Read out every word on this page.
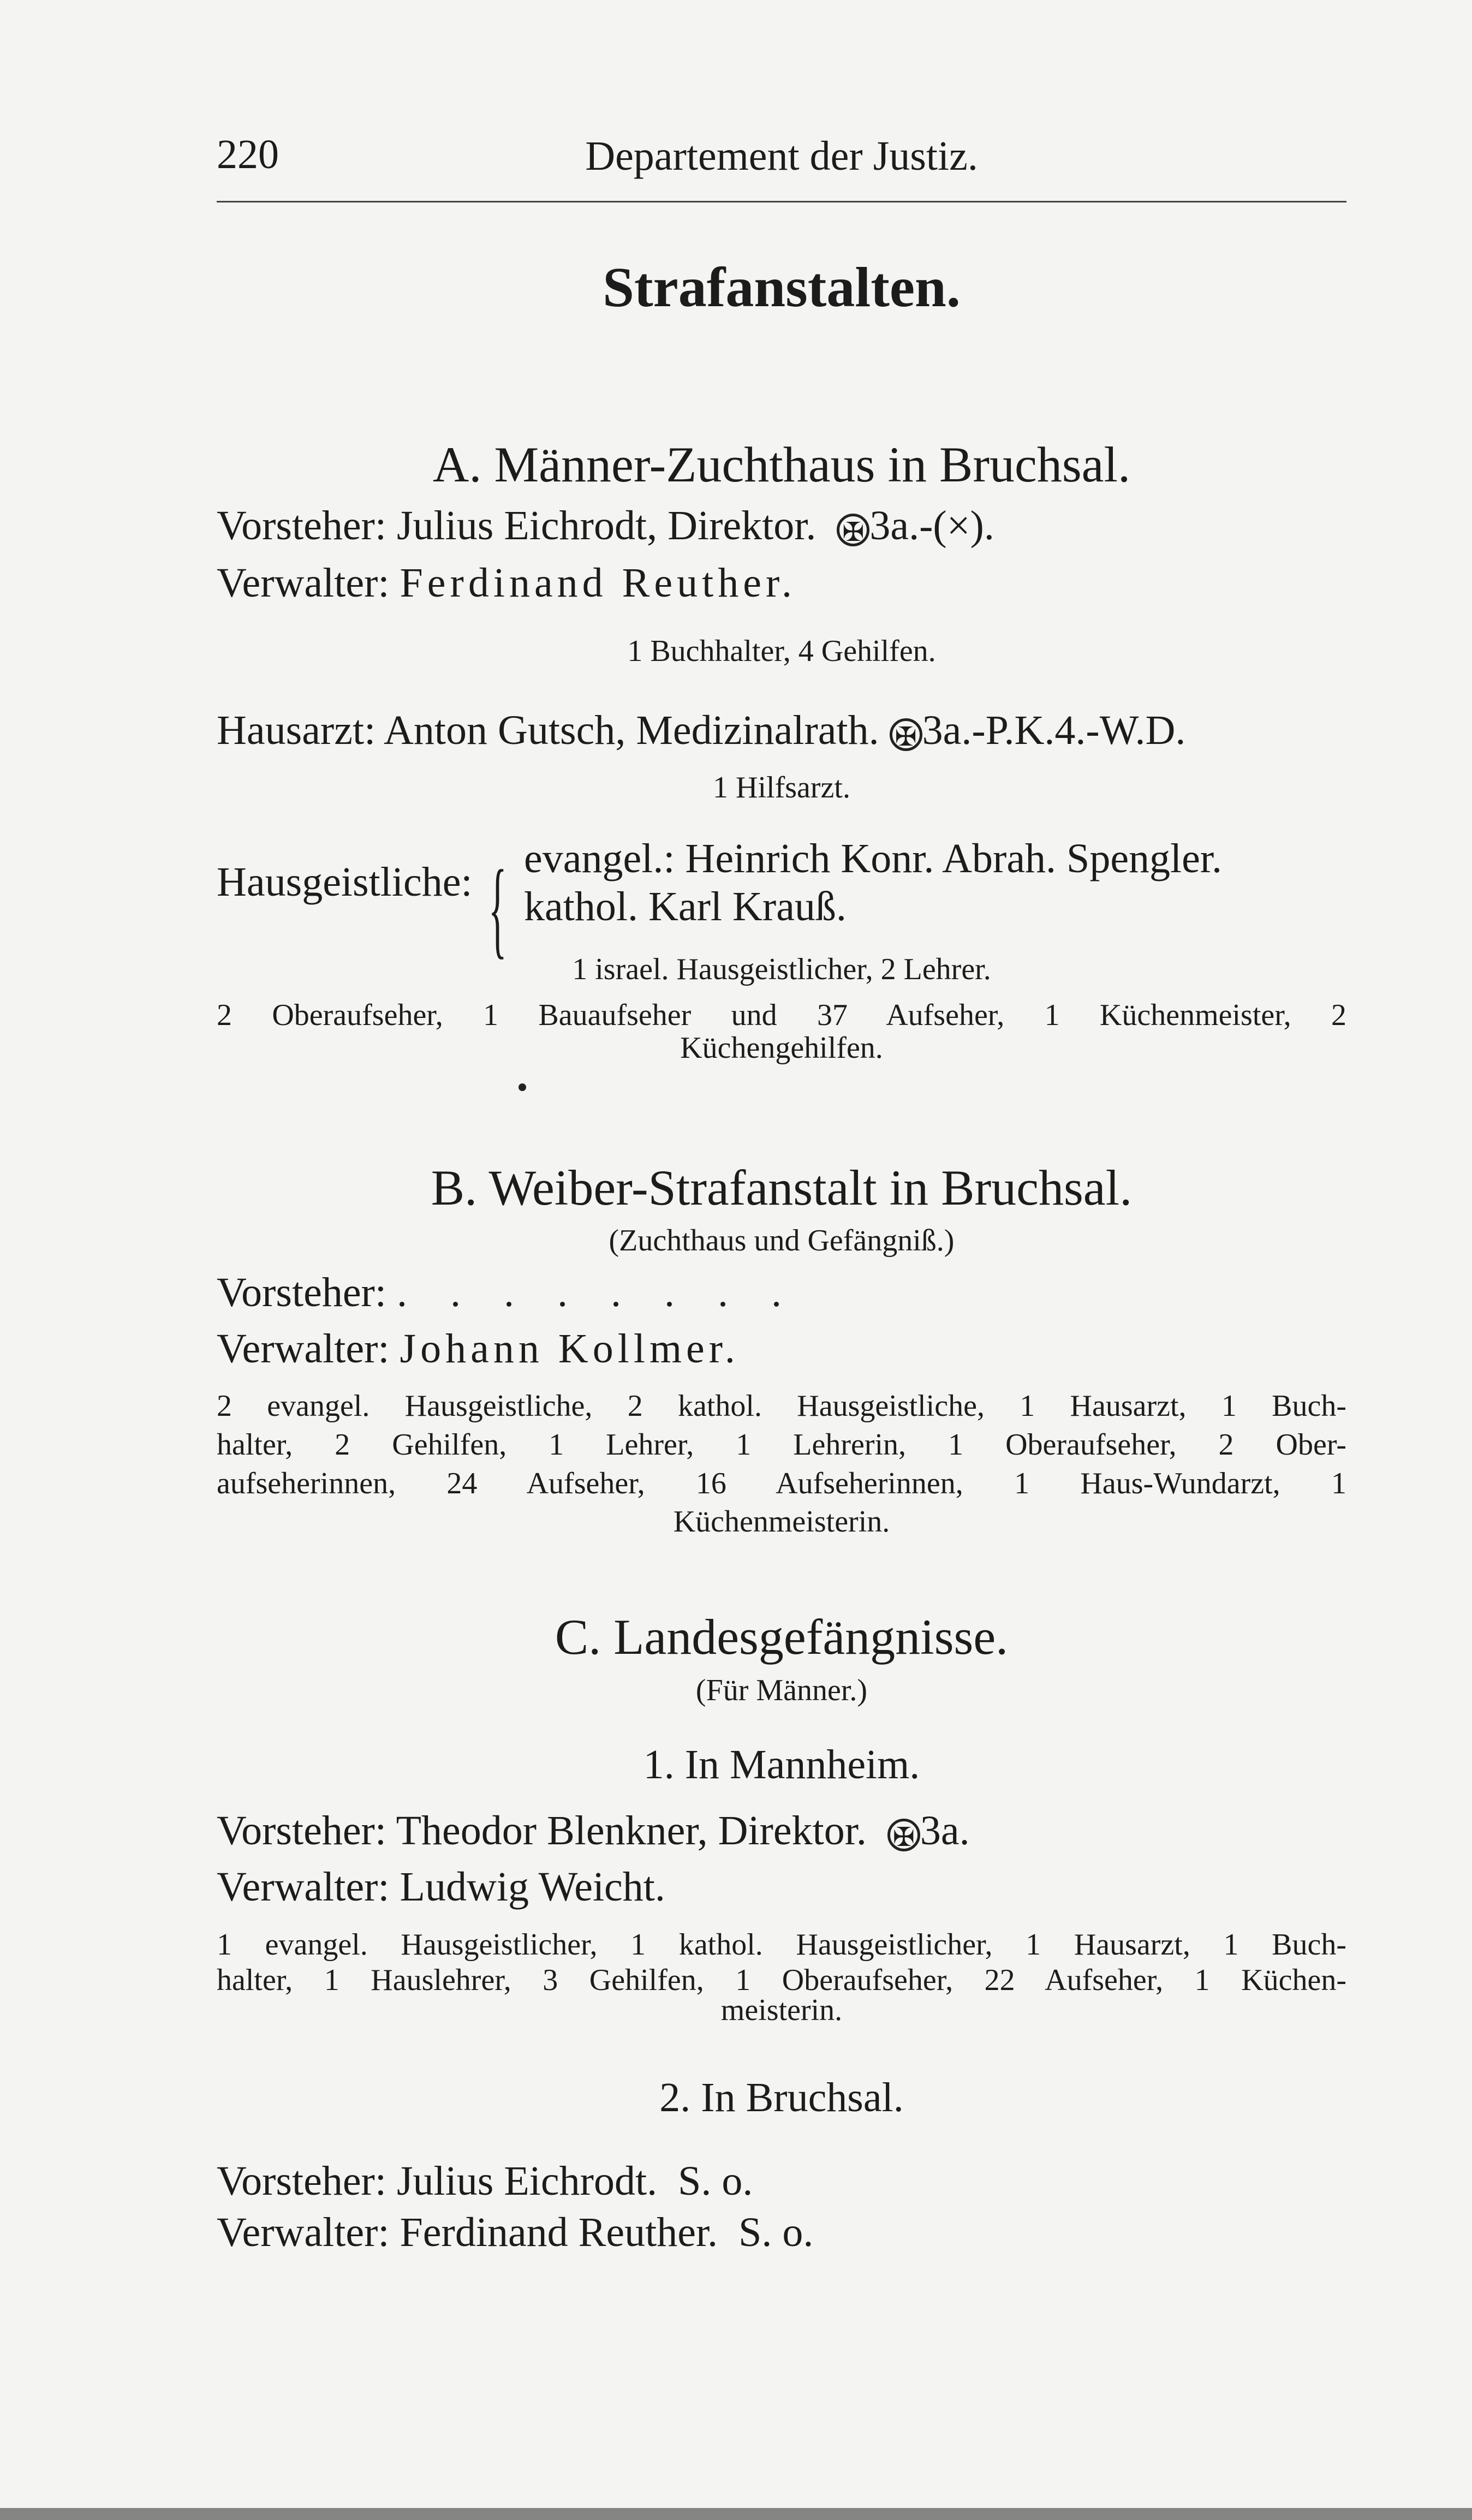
220	Departement der Justiz.
Strafanstalten.
A. Männer-Zuchthaus in Bruchsal.
Vorsteher: Julius Eichrodt, Direktor. ✠ 3a.-(×).
Verwalter: Ferdinand Reuther.
1 Buchhalter, 4 Gehilfen.
Hausarzt: Anton Gutsch, Medizinalrath. ✠ 3a.-P.K.4.-W.D.
1 Hilfsarzt.
Hausgeistliche: { evangel.: Heinrich Konr. Abrah. Spengler.
kathol. Karl Krauß.
1 israel. Hausgeistlicher, 2 Lehrer.
2 Oberaufseher, 1 Bauaufseher und 37 Aufseher, 1 Küchenmeister, 2
Küchengehilfen.
B. Weiber-Strafanstalt in Bruchsal.
(Zuchthaus und Gefängniß.)
Vorsteher: . . . . . . . .
Verwalter: Johann Kollmer.
2 evangel. Hausgeistliche, 2 kathol. Hausgeistliche, 1 Hausarzt, 1 Buch-
halter, 2 Gehilfen, 1 Lehrer, 1 Lehrerin, 1 Oberaufseher, 2 Ober-
aufseherinnen, 24 Aufseher, 16 Aufseherinnen, 1 Haus-Wundarzt, 1
Küchenmeisterin.
C. Landesgefängnisse.
(Für Männer.)
1. In Mannheim.
Vorsteher: Theodor Blenkner, Direktor. ✠ 3a.
Verwalter: Ludwig Weicht.
1 evangel. Hausgeistlicher, 1 kathol. Hausgeistlicher, 1 Hausarzt, 1 Buch-
halter, 1 Hauslehrer, 3 Gehilfen, 1 Oberaufseher, 22 Aufseher, 1 Küchen-
meisterin.
2. In Bruchsal.
Vorsteher: Julius Eichrodt. S. o.
Verwalter: Ferdinand Reuther. S. o.
